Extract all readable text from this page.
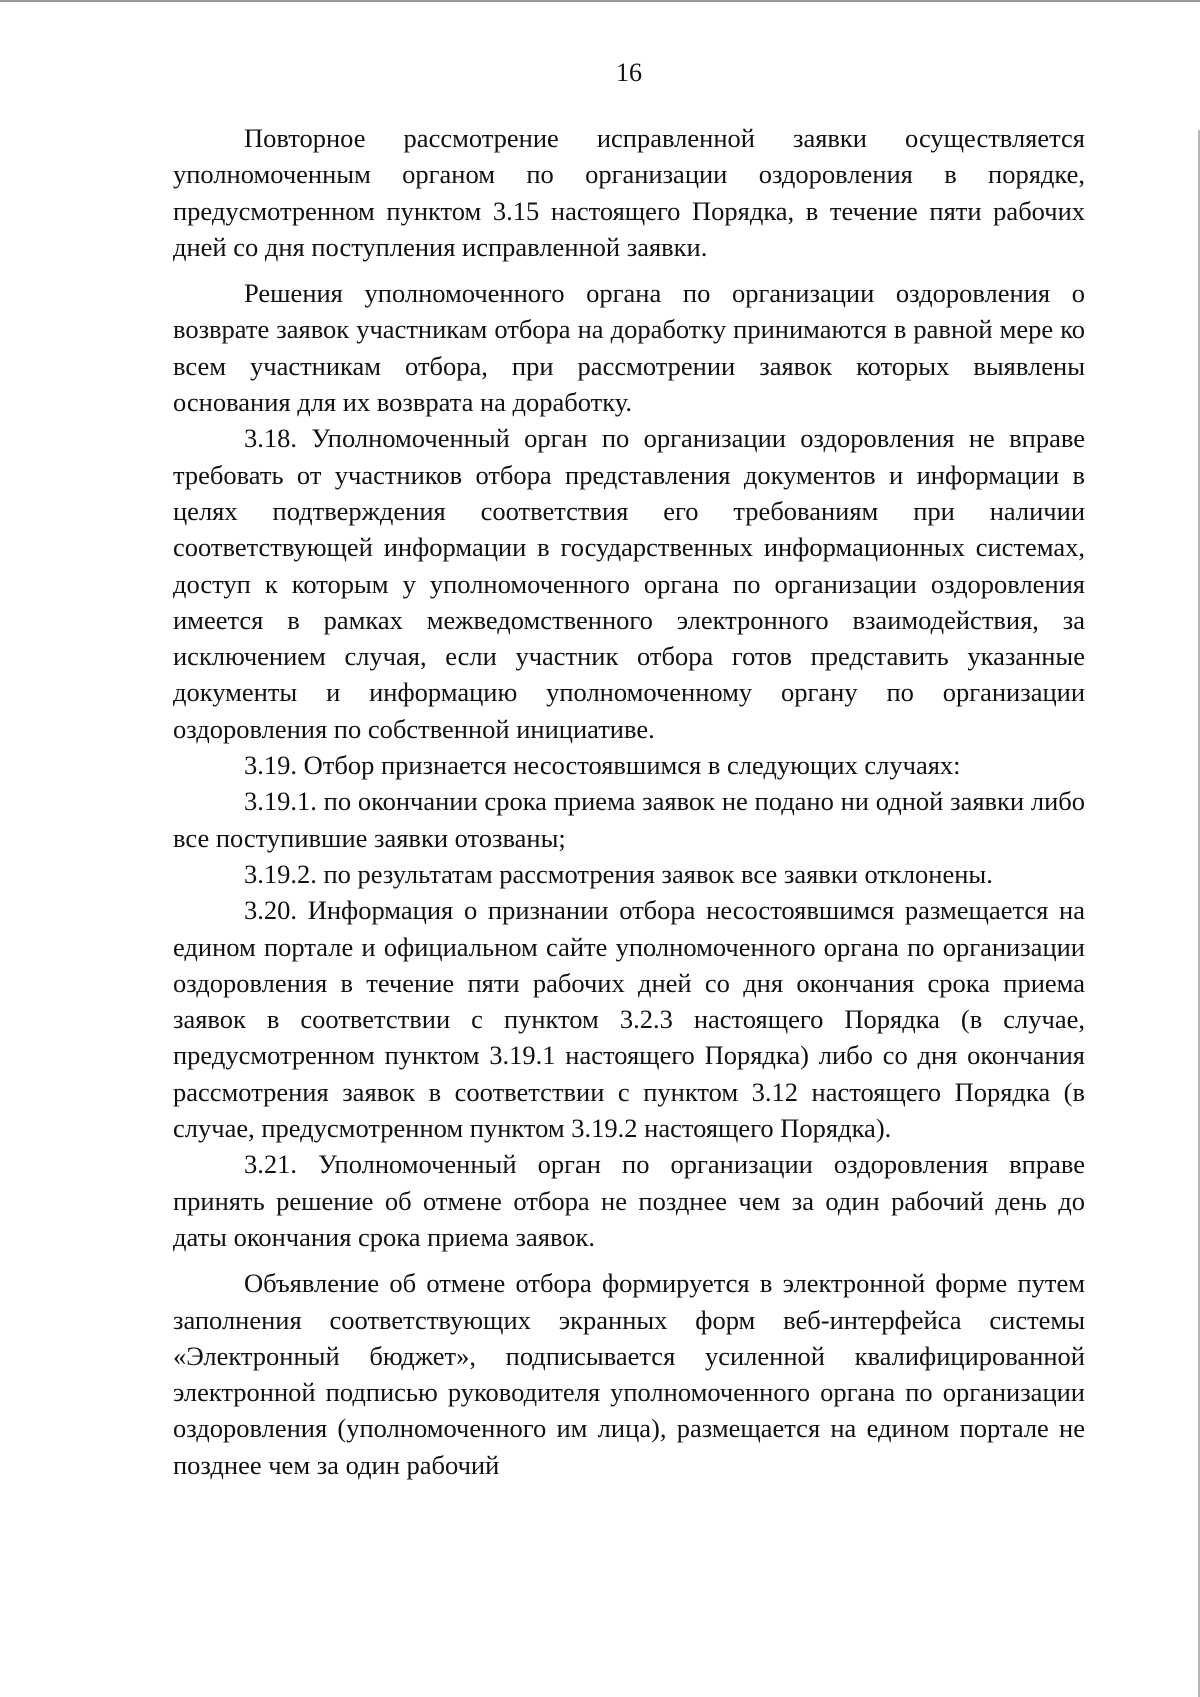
16

Повторное рассмотрение исправленной заявки осуществляется уполномоченным органом по организации оздоровления в порядке, предусмотренном пунктом 3.15 настоящего Порядка, в течение пяти рабочих дней со дня поступления исправленной заявки.

Решения уполномоченного органа по организации оздоровления о возврате заявок участникам отбора на доработку принимаются в равной мере ко всем участникам отбора, при рассмотрении заявок которых выявлены основания для их возврата на доработку.

3.18. Уполномоченный орган по организации оздоровления не вправе требовать от участников отбора представления документов и информации в целях подтверждения соответствия его требованиям при наличии соответствующей информации в государственных информационных системах, доступ к которым у уполномоченного органа по организации оздоровления имеется в рамках межведомственного электронного взаимодействия, за исключением случая, если участник отбора готов представить указанные документы и информацию уполномоченному органу по организации оздоровления по собственной инициативе.

3.19. Отбор признается несостоявшимся в следующих случаях:

3.19.1. по окончании срока приема заявок не подано ни одной заявки либо все поступившие заявки отозваны;

3.19.2. по результатам рассмотрения заявок все заявки отклонены.

3.20. Информация о признании отбора несостоявшимся размещается на едином портале и официальном сайте уполномоченного органа по организации оздоровления в течение пяти рабочих дней со дня окончания срока приема заявок в соответствии с пунктом 3.2.3 настоящего Порядка (в случае, предусмотренном пунктом 3.19.1 настоящего Порядка) либо со дня окончания рассмотрения заявок в соответствии с пунктом 3.12 настоящего Порядка (в случае, предусмотренном пунктом 3.19.2 настоящего Порядка).

3.21. Уполномоченный орган по организации оздоровления вправе принять решение об отмене отбора не позднее чем за один рабочий день до даты окончания срока приема заявок.

Объявление об отмене отбора формируется в электронной форме путем заполнения соответствующих экранных форм веб-интерфейса системы «Электронный бюджет», подписывается усиленной квалифицированной электронной подписью руководителя уполномоченного органа по организации оздоровления (уполномоченного им лица), размещается на едином портале не позднее чем за один рабочий
